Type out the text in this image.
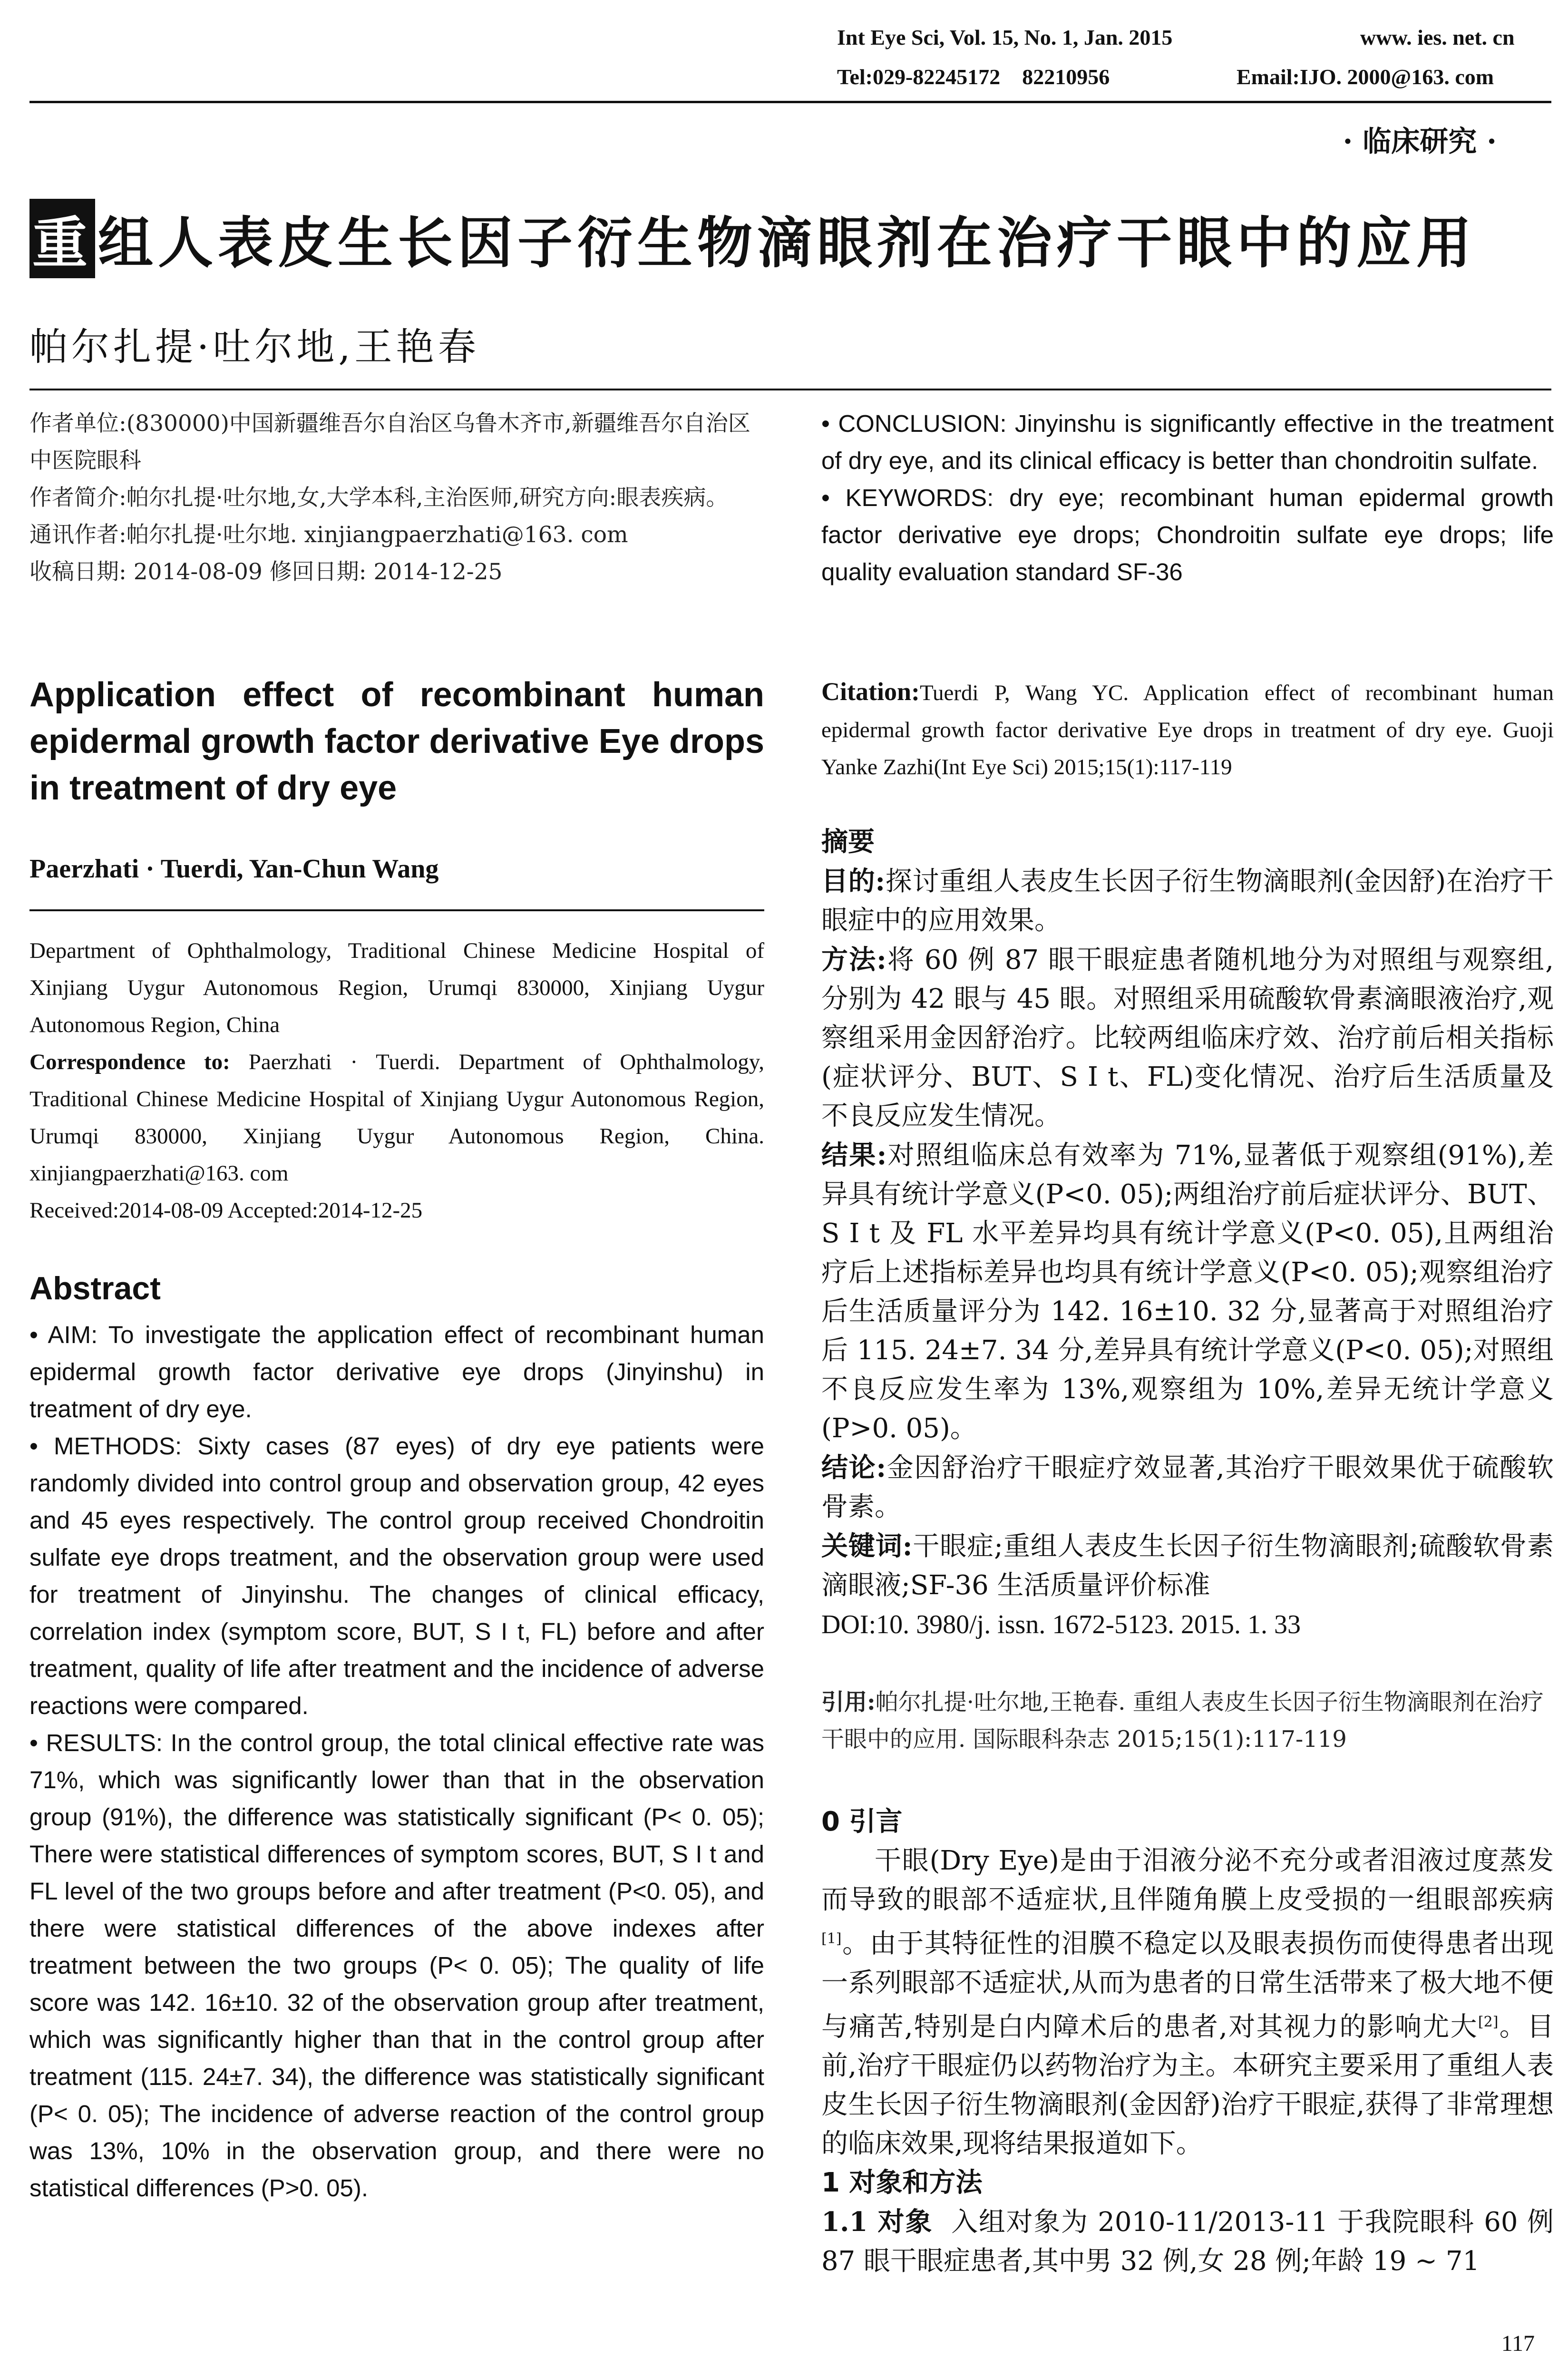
Int Eye Sci, Vol. 15, No. 1, Jan. 2015	www. ies. net. cn
Tel:029-82245172    82210956	Email:IJO. 2000@163. com
· 临床研究 ·
重 组人表皮生长因子衍生物滴眼剂在治疗干眼中的应用
帕尔扎提·吐尔地,王艳春

作者单位:(830000)中国新疆维吾尔自治区乌鲁木齐市,新疆维吾尔自治区中医院眼科

作者简介:帕尔扎提·吐尔地,女,大学本科,主治医师,研究方向:眼表疾病。

通讯作者:帕尔扎提·吐尔地. xinjiangpaerzhati@163. com

收稿日期: 2014-08-09 修回日期: 2014-12-25

Application effect of recombinant human epidermal growth factor derivative Eye drops in treatment of dry eye
Paerzhati · Tuerdi, Yan-Chun Wang

Department of Ophthalmology, Traditional Chinese Medicine Hospital of Xinjiang Uygur Autonomous Region, Urumqi 830000, Xinjiang Uygur Autonomous Region, China

Correspondence to: Paerzhati · Tuerdi. Department of Ophthalmology, Traditional Chinese Medicine Hospital of Xinjiang Uygur Autonomous Region, Urumqi 830000, Xinjiang Uygur Autonomous Region, China. xinjiangpaerzhati@163. com

Received:2014-08-09 Accepted:2014-12-25

Abstract

• AIM: To investigate the application effect of recombinant human epidermal growth factor derivative eye drops (Jinyinshu) in treatment of dry eye.

• METHODS: Sixty cases (87 eyes) of dry eye patients were randomly divided into control group and observation group, 42 eyes and 45 eyes respectively. The control group received Chondroitin sulfate eye drops treatment, and the observation group were used for treatment of Jinyinshu. The changes of clinical efficacy, correlation index (symptom score, BUT, S I t, FL) before and after treatment, quality of life after treatment and the incidence of adverse reactions were compared.

• RESULTS: In the control group, the total clinical effective rate was 71%, which was significantly lower than that in the observation group (91%), the difference was statistically significant (P< 0. 05); There were statistical differences of symptom scores, BUT, S I t and FL level of the two groups before and after treatment (P<0. 05), and there were statistical differences of the above indexes after treatment between the two groups (P< 0. 05); The quality of life score was 142. 16±10. 32 of the observation group after treatment, which was significantly higher than that in the control group after treatment (115. 24±7. 34), the difference was statistically significant (P< 0. 05); The incidence of adverse reaction of the control group was 13%, 10% in the observation group, and there were no statistical differences (P>0. 05).

• CONCLUSION: Jinyinshu is significantly effective in the treatment of dry eye, and its clinical efficacy is better than chondroitin sulfate.

• KEYWORDS: dry eye; recombinant human epidermal growth factor derivative eye drops; Chondroitin sulfate eye drops; life quality evaluation standard SF-36

Citation:Tuerdi P, Wang YC. Application effect of recombinant human epidermal growth factor derivative Eye drops in treatment of dry eye. Guoji Yanke Zazhi(Int Eye Sci) 2015;15(1):117-119

摘要

目的:探讨重组人表皮生长因子衍生物滴眼剂(金因舒)在治疗干眼症中的应用效果。

方法:将 60 例 87 眼干眼症患者随机地分为对照组与观察组,分别为 42 眼与 45 眼。对照组采用硫酸软骨素滴眼液治疗,观察组采用金因舒治疗。比较两组临床疗效、治疗前后相关指标(症状评分、BUT、S I t、FL)变化情况、治疗后生活质量及不良反应发生情况。

结果:对照组临床总有效率为 71%,显著低于观察组(91%),差异具有统计学意义(P<0. 05);两组治疗前后症状评分、BUT、S I t 及 FL 水平差异均具有统计学意义(P<0. 05),且两组治疗后上述指标差异也均具有统计学意义(P<0. 05);观察组治疗后生活质量评分为 142. 16±10. 32 分,显著高于对照组治疗后 115. 24±7. 34 分,差异具有统计学意义(P<0. 05);对照组不良反应发生率为 13%,观察组为 10%,差异无统计学意义(P>0. 05)。

结论:金因舒治疗干眼症疗效显著,其治疗干眼效果优于硫酸软骨素。

关键词:干眼症;重组人表皮生长因子衍生物滴眼剂;硫酸软骨素滴眼液;SF-36 生活质量评价标准

DOI:10. 3980/j. issn. 1672-5123. 2015. 1. 33

引用:帕尔扎提·吐尔地,王艳春. 重组人表皮生长因子衍生物滴眼剂在治疗干眼中的应用. 国际眼科杂志 2015;15(1):117-119

0 引言

干眼(Dry Eye)是由于泪液分泌不充分或者泪液过度蒸发而导致的眼部不适症状,且伴随角膜上皮受损的一组眼部疾病[1]。由于其特征性的泪膜不稳定以及眼表损伤而使得患者出现一系列眼部不适症状,从而为患者的日常生活带来了极大地不便与痛苦,特别是白内障术后的患者,对其视力的影响尤大[2]。目前,治疗干眼症仍以药物治疗为主。本研究主要采用了重组人表皮生长因子衍生物滴眼剂(金因舒)治疗干眼症,获得了非常理想的临床效果,现将结果报道如下。

1 对象和方法

1.1 对象 入组对象为 2010-11/2013-11 于我院眼科 60 例 87 眼干眼症患者,其中男 32 例,女 28 例;年龄 19 ~ 71

117
